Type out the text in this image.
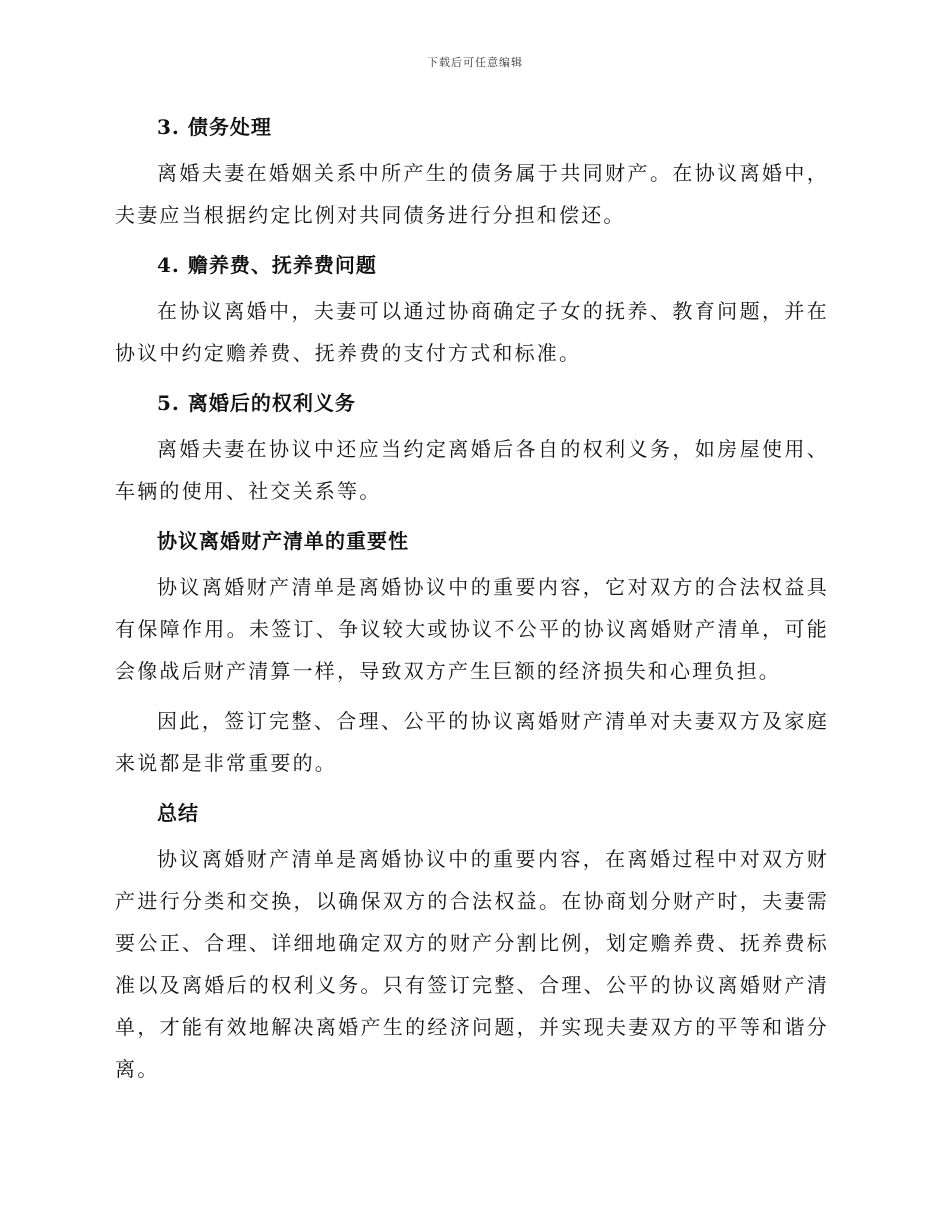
下载后可任意编辑
3. 债务处理

离婚夫妻在婚姻关系中所产生的债务属于共同财产。在协议离婚中，夫妻应当根据约定比例对共同债务进行分担和偿还。

4. 赡养费、抚养费问题

在协议离婚中，夫妻可以通过协商确定子女的抚养、教育问题，并在协议中约定赡养费、抚养费的支付方式和标准。

5. 离婚后的权利义务

离婚夫妻在协议中还应当约定离婚后各自的权利义务，如房屋使用、车辆的使用、社交关系等。

协议离婚财产清单的重要性

协议离婚财产清单是离婚协议中的重要内容，它对双方的合法权益具有保障作用。未签订、争议较大或协议不公平的协议离婚财产清单，可能会像战后财产清算一样，导致双方产生巨额的经济损失和心理负担。

因此，签订完整、合理、公平的协议离婚财产清单对夫妻双方及家庭来说都是非常重要的。

总结

协议离婚财产清单是离婚协议中的重要内容，在离婚过程中对双方财产进行分类和交换，以确保双方的合法权益。在协商划分财产时，夫妻需要公正、合理、详细地确定双方的财产分割比例，划定赡养费、抚养费标准以及离婚后的权利义务。只有签订完整、合理、公平的协议离婚财产清单，才能有效地解决离婚产生的经济问题，并实现夫妻双方的平等和谐分离。
